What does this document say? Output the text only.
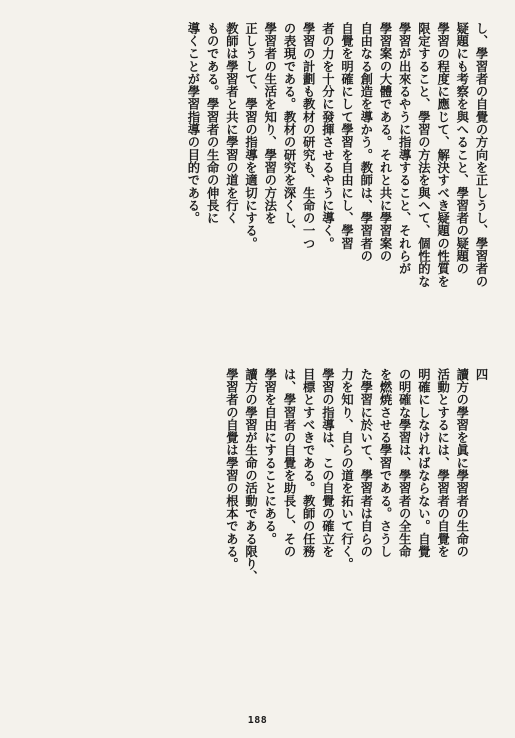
し、學習者の自覺の方向を正しうし、學習者の
疑題にも考察を與へること、學習者の疑題の
學習の程度に應じて、解決すべき疑題の性質を
限定すること、學習の方法を與へて、個性的な
學習が出來るやうに指導すること、それらが
學習案の大體である。それと共に學習案の
自由なる創造を導かう。教師は、學習者の
自覺を明確にして學習を自由にし、學習
者の力を十分に發揮させるやうに導く。
學習の計劃も教材の研究も、生命の一つ
の表現である。教材の研究を深くし、
學習者の生活を知り、學習の方法を
正しうして、學習の指導を適切にする。
教師は學習者と共に學習の道を行く
ものである。學習者の生命の伸長に
導くことが學習指導の目的である。
四
讀方の學習を眞に學習者の生命の
活動とするには、學習者の自覺を
明確にしなければならない。自覺
の明確な學習は、學習者の全生命
を燃焼させる學習である。さうし
た學習に於いて、學習者は自らの
力を知り、自らの道を拓いて行く。
學習の指導は、この自覺の確立を
目標とすべきである。教師の任務
は、學習者の自覺を助長し、その
學習を自由にすることにある。
讀方の學習が生命の活動である限り、
學習者の自覺は學習の根本である。
188
